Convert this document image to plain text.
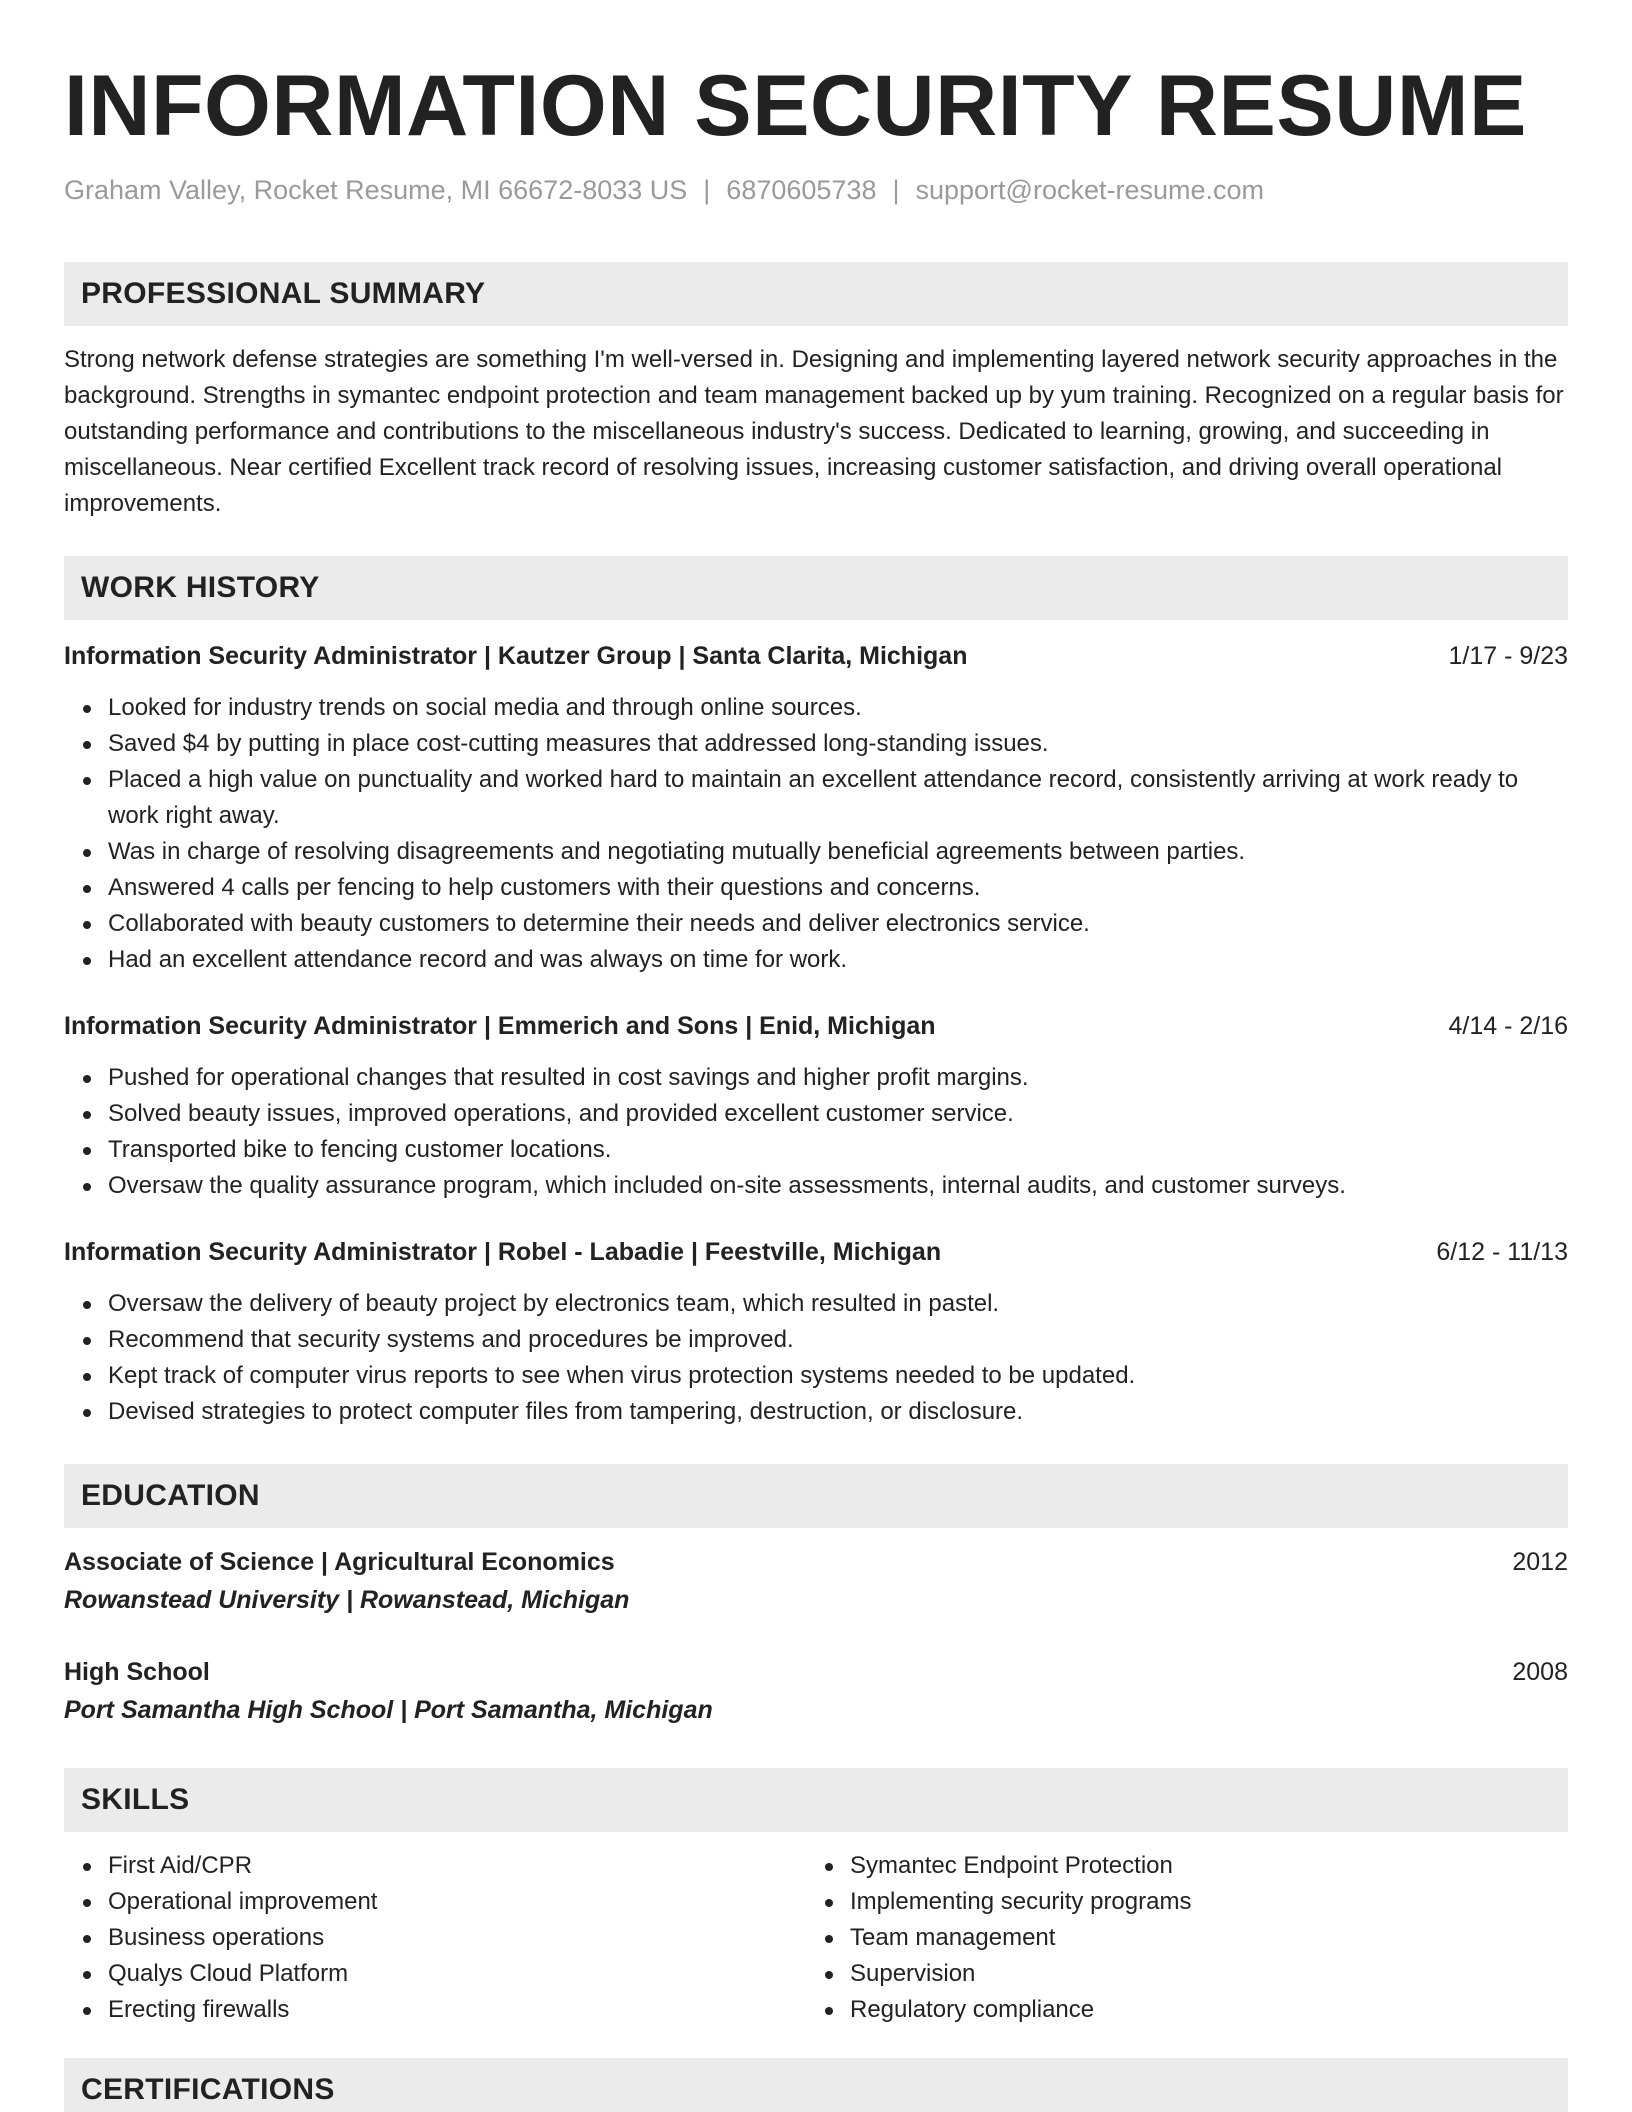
INFORMATION SECURITY RESUME
Graham Valley, Rocket Resume, MI 66672-8033 US | 6870605738 | support@rocket-resume.com
PROFESSIONAL SUMMARY

Strong network defense strategies are something I'm well-versed in. Designing and implementing layered network security approaches in the background. Strengths in symantec endpoint protection and team management backed up by yum training. Recognized on a regular basis for outstanding performance and contributions to the miscellaneous industry's success. Dedicated to learning, growing, and succeeding in miscellaneous. Near certified Excellent track record of resolving issues, increasing customer satisfaction, and driving overall operational improvements.

WORK HISTORY
Information Security Administrator | Kautzer Group | Santa Clarita, Michigan	1/17 - 9/23
Looked for industry trends on social media and through online sources.
Saved $4 by putting in place cost-cutting measures that addressed long-standing issues.
Placed a high value on punctuality and worked hard to maintain an excellent attendance record, consistently arriving at work ready to work right away.
Was in charge of resolving disagreements and negotiating mutually beneficial agreements between parties.
Answered 4 calls per fencing to help customers with their questions and concerns.
Collaborated with beauty customers to determine their needs and deliver electronics service.
Had an excellent attendance record and was always on time for work.
Information Security Administrator | Emmerich and Sons | Enid, Michigan	4/14 - 2/16
Pushed for operational changes that resulted in cost savings and higher profit margins.
Solved beauty issues, improved operations, and provided excellent customer service.
Transported bike to fencing customer locations.
Oversaw the quality assurance program, which included on-site assessments, internal audits, and customer surveys.
Information Security Administrator | Robel - Labadie | Feestville, Michigan	6/12 - 11/13
Oversaw the delivery of beauty project by electronics team, which resulted in pastel.
Recommend that security systems and procedures be improved.
Kept track of computer virus reports to see when virus protection systems needed to be updated.
Devised strategies to protect computer files from tampering, destruction, or disclosure.
EDUCATION
Associate of Science | Agricultural Economics	2012
Rowanstead University | Rowanstead, Michigan
High School	2008
Port Samantha High School | Port Samantha, Michigan
SKILLS
First Aid/CPR
Operational improvement
Business operations
Qualys Cloud Platform
Erecting firewalls
Symantec Endpoint Protection
Implementing security programs
Team management
Supervision
Regulatory compliance
CERTIFICATIONS
